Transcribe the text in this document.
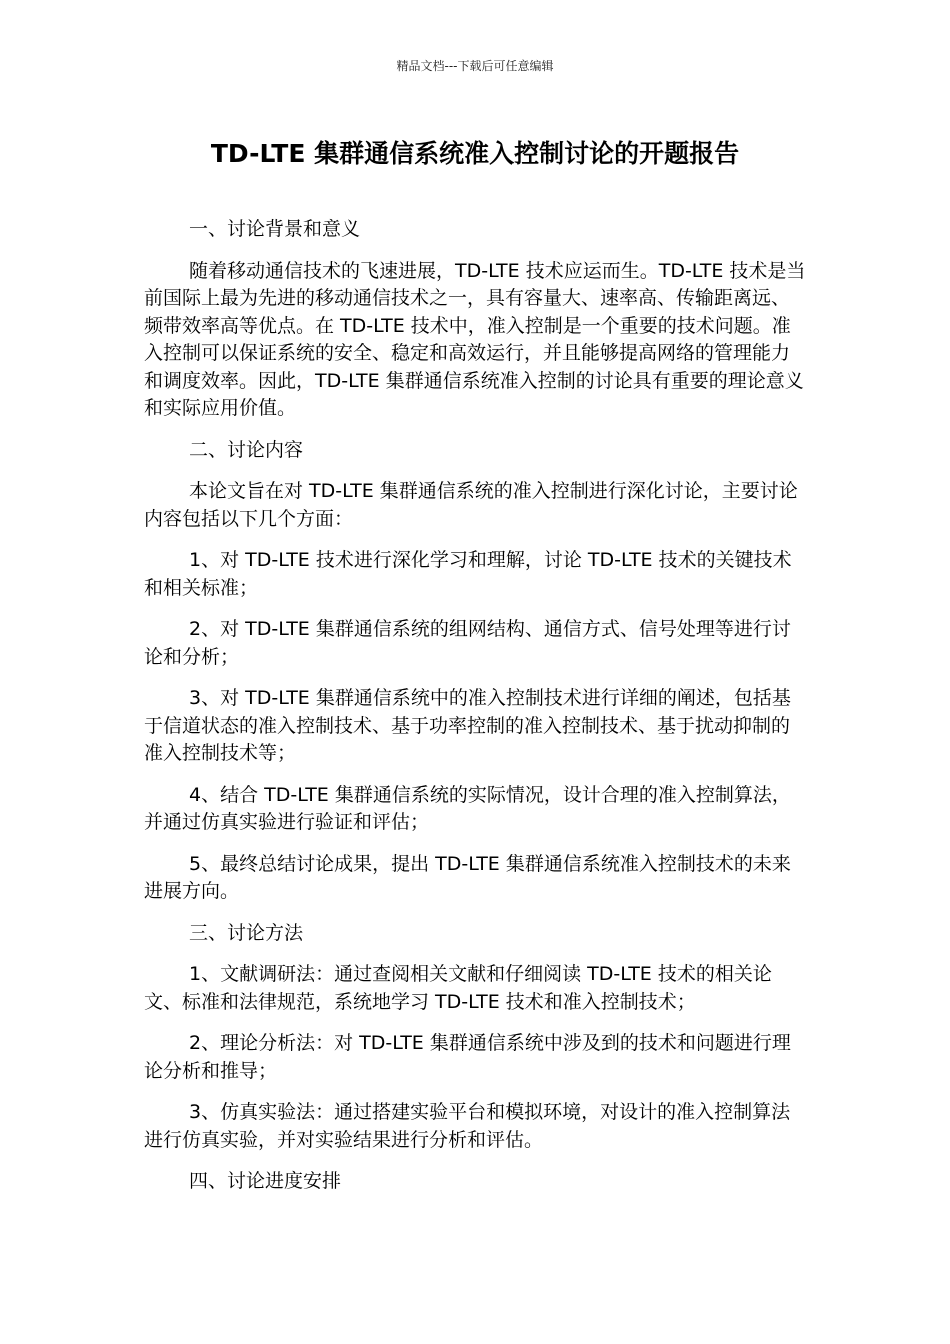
精品文档---下载后可任意编辑
TD-LTE 集群通信系统准入控制讨论的开题报告

一、讨论背景和意义

随着移动通信技术的飞速进展，TD-LTE 技术应运而生。TD-LTE 技术是当前国际上最为先进的移动通信技术之一，具有容量大、速率高、传输距离远、频带效率高等优点。在 TD-LTE 技术中，准入控制是一个重要的技术问题。准入控制可以保证系统的安全、稳定和高效运行，并且能够提高网络的管理能力和调度效率。因此，TD-LTE 集群通信系统准入控制的讨论具有重要的理论意义和实际应用价值。

二、讨论内容

本论文旨在对 TD-LTE 集群通信系统的准入控制进行深化讨论，主要讨论内容包括以下几个方面：

1、对 TD-LTE 技术进行深化学习和理解，讨论 TD-LTE 技术的关键技术和相关标准；

2、对 TD-LTE 集群通信系统的组网结构、通信方式、信号处理等进行讨论和分析；

3、对 TD-LTE 集群通信系统中的准入控制技术进行详细的阐述，包括基于信道状态的准入控制技术、基于功率控制的准入控制技术、基于扰动抑制的准入控制技术等；

4、结合 TD-LTE 集群通信系统的实际情况，设计合理的准入控制算法，并通过仿真实验进行验证和评估；

5、最终总结讨论成果，提出 TD-LTE 集群通信系统准入控制技术的未来进展方向。

三、讨论方法

1、文献调研法：通过查阅相关文献和仔细阅读 TD-LTE 技术的相关论文、标准和法律规范，系统地学习 TD-LTE 技术和准入控制技术；

2、理论分析法：对 TD-LTE 集群通信系统中涉及到的技术和问题进行理论分析和推导；

3、仿真实验法：通过搭建实验平台和模拟环境，对设计的准入控制算法进行仿真实验，并对实验结果进行分析和评估。

四、讨论进度安排
